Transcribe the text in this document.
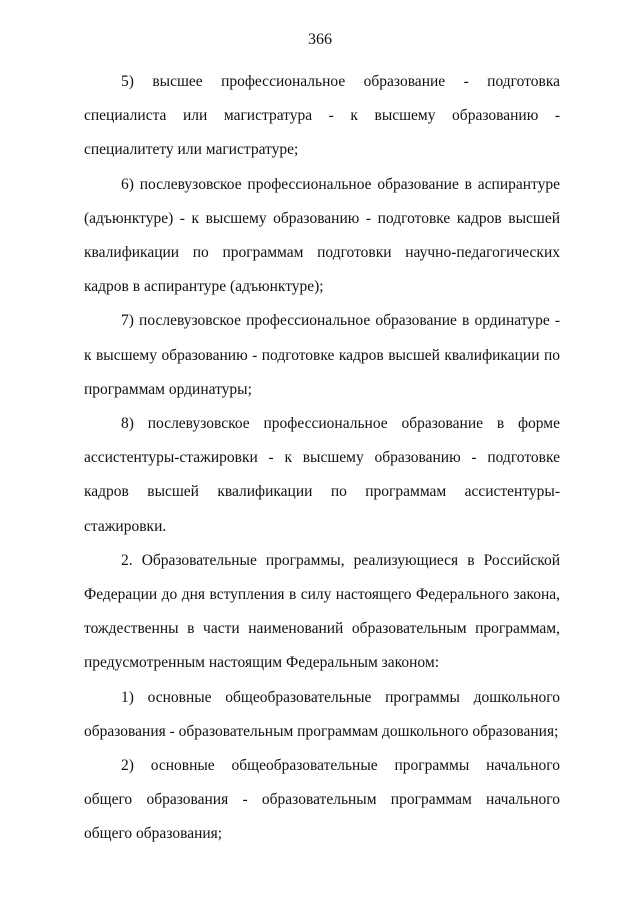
366

5) высшее профессиональное образование - подготовка специалиста или магистратура - к высшему образованию - специалитету или магистратуре;

6) послевузовское профессиональное образование в аспирантуре (адъюнктуре) - к высшему образованию - подготовке кадров высшей квалификации по программам подготовки научно-педагогических кадров в аспирантуре (адъюнктуре);

7) послевузовское профессиональное образование в ординатуре - к высшему образованию - подготовке кадров высшей квалификации по программам ординатуры;

8) послевузовское профессиональное образование в форме ассистентуры-стажировки - к высшему образованию - подготовке кадров высшей квалификации по программам ассистентуры-стажировки.

2. Образовательные программы, реализующиеся в Российской Федерации до дня вступления в силу настоящего Федерального закона, тождественны в части наименований образовательным программам, предусмотренным настоящим Федеральным законом:

1) основные общеобразовательные программы дошкольного образования - образовательным программам дошкольного образования;

2) основные общеобразовательные программы начального общего образования - образовательным программам начального общего образования;
